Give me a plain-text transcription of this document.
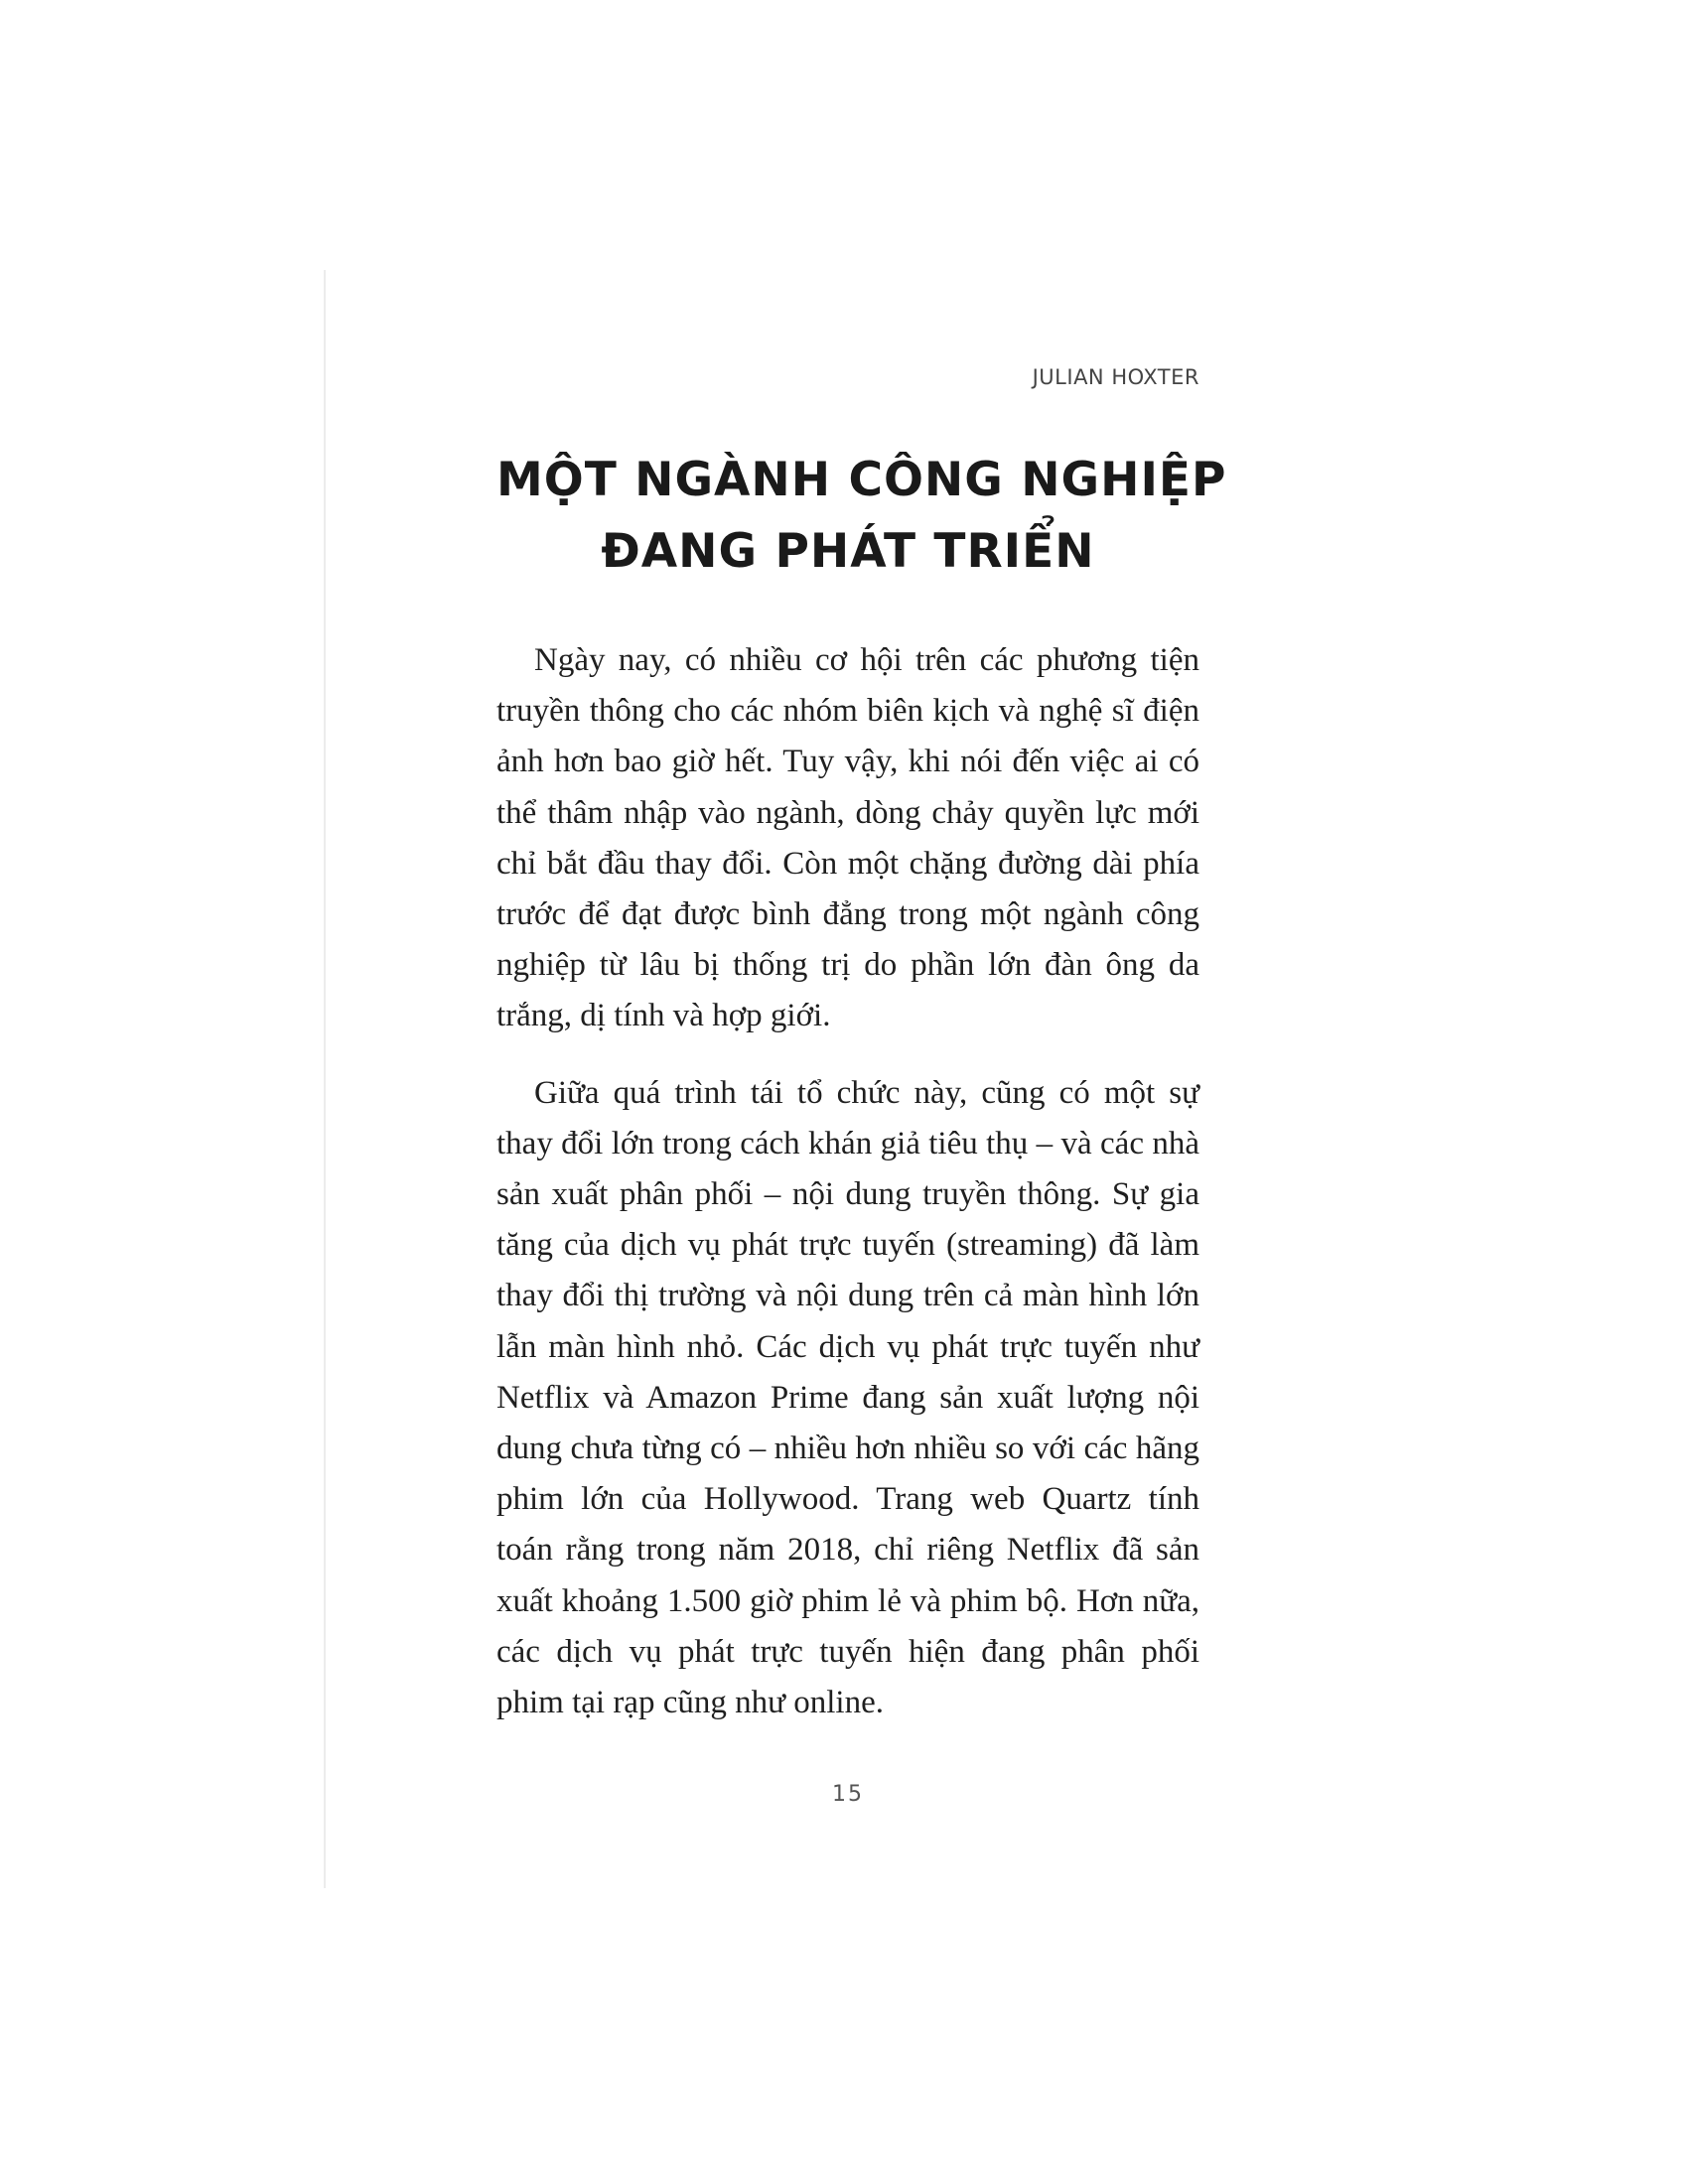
JULIAN HOXTER
MỘT NGÀNH CÔNG NGHIỆP
ĐANG PHÁT TRIỂN

Ngày nay, có nhiều cơ hội trên các phương tiện truyền thông cho các nhóm biên kịch và nghệ sĩ điện ảnh hơn bao giờ hết. Tuy vậy, khi nói đến việc ai có thể thâm nhập vào ngành, dòng chảy quyền lực mới chỉ bắt đầu thay đổi. Còn một chặng đường dài phía trước để đạt được bình đẳng trong một ngành công nghiệp từ lâu bị thống trị do phần lớn đàn ông da trắng, dị tính và hợp giới.

Giữa quá trình tái tổ chức này, cũng có một sự thay đổi lớn trong cách khán giả tiêu thụ – và các nhà sản xuất phân phối – nội dung truyền thông. Sự gia tăng của dịch vụ phát trực tuyến (streaming) đã làm thay đổi thị trường và nội dung trên cả màn hình lớn lẫn màn hình nhỏ. Các dịch vụ phát trực tuyến như Netflix và Amazon Prime đang sản xuất lượng nội dung chưa từng có – nhiều hơn nhiều so với các hãng phim lớn của Hollywood. Trang web Quartz tính toán rằng trong năm 2018, chỉ riêng Netflix đã sản xuất khoảng 1.500 giờ phim lẻ và phim bộ. Hơn nữa, các dịch vụ phát trực tuyến hiện đang phân phối phim tại rạp cũng như online.

15
